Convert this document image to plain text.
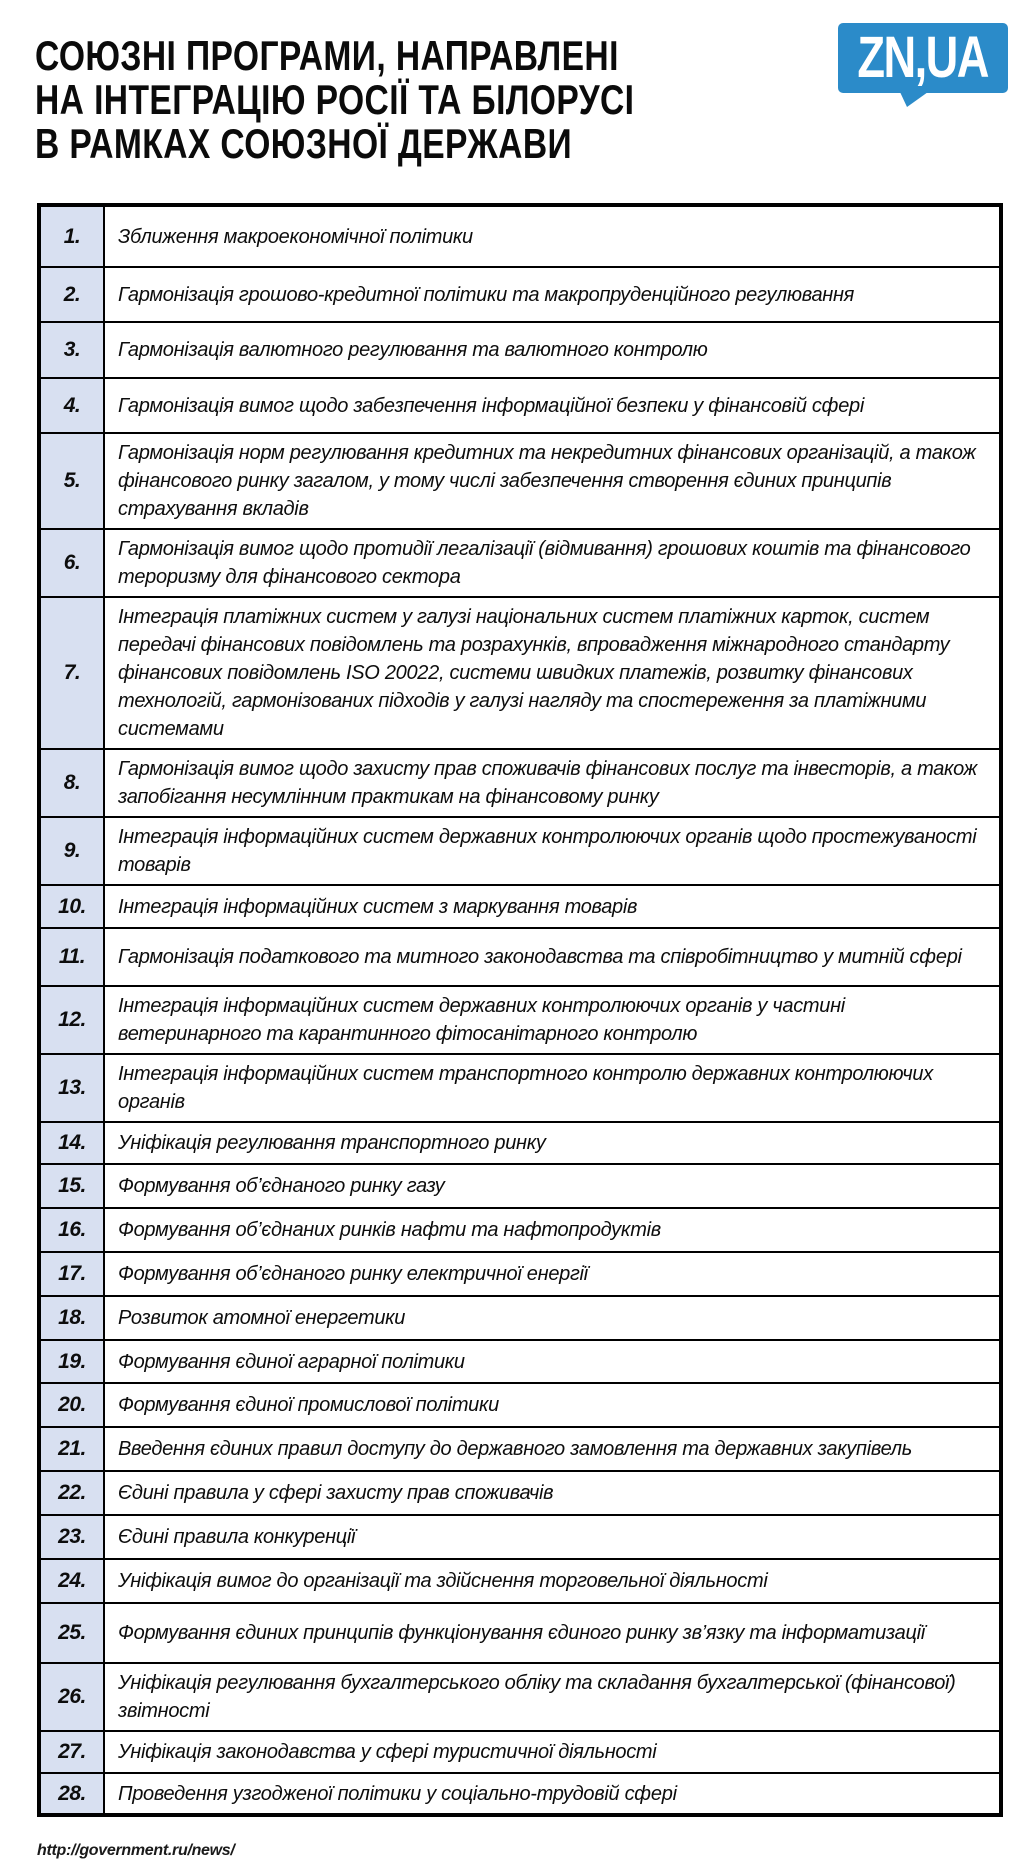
СОЮЗНІ ПРОГРАМИ, НАПРАВЛЕНІ
НА ІНТЕГРАЦІЮ РОСІЇ ТА БІЛОРУСІ
В РАМКАХ СОЮЗНОЇ ДЕРЖАВИ
ZN,UA
1.	Зближення макроекономічної політики
2.	Гармонізація грошово-кредитної політики та макропруденційного регулювання
3.	Гармонізація валютного регулювання та валютного контролю
4.	Гармонізація вимог щодо забезпечення інформаційної безпеки у фінансовій сфері
5.	Гармонізація норм регулювання кредитних та некредитних фінансових організацій, а також фінансового ринку загалом, у тому числі забезпечення створення єдиних принципів страхування вкладів
6.	Гармонізація вимог щодо протидії легалізації (відмивання) грошових коштів та фінансового тероризму для фінансового сектора
7.	Інтеграція платіжних систем у галузі національних систем платіжних карток, систем передачі фінансових повідомлень та розрахунків, впровадження міжнародного стандарту фінансових повідомлень ISO 20022, системи швидких платежів, розвитку фінансових технологій, гармонізованих підходів у галузі нагляду та спостереження за платіжними системами
8.	Гармонізація вимог щодо захисту прав споживачів фінансових послуг та інвесторів, а також запобігання несумлінним практикам на фінансовому ринку
9.	Інтеграція інформаційних систем державних контролюючих органів щодо простежуваності товарів
10.	Інтеграція інформаційних систем з маркування товарів
11.	Гармонізація податкового та митного законодавства та співробітництво у митній сфері
12.	Інтеграція інформаційних систем державних контролюючих органів у частині ветеринарного та карантинного фітосанітарного контролю
13.	Інтеграція інформаційних систем транспортного контролю державних контролюючих органів
14.	Уніфікація регулювання транспортного ринку
15.	Формування об’єднаного ринку газу
16.	Формування об’єднаних ринків нафти та нафтопродуктів
17.	Формування об’єднаного ринку електричної енергії
18.	Розвиток атомної енергетики
19.	Формування єдиної аграрної політики
20.	Формування єдиної промислової політики
21.	Введення єдиних правил доступу до державного замовлення та державних закупівель
22.	Єдині правила у сфері захисту прав споживачів
23.	Єдині правила конкуренції
24.	Уніфікація вимог до організації та здійснення торговельної діяльності
25.	Формування єдиних принципів функціонування єдиного ринку зв’язку та інформатизації
26.	Уніфікація регулювання бухгалтерського обліку та складання бухгалтерської (фінансової) звітності
27.	Уніфікація законодавства у сфері туристичної діяльності
28.	Проведення узгодженої політики у соціально-трудовій сфері
http://government.ru/news/
